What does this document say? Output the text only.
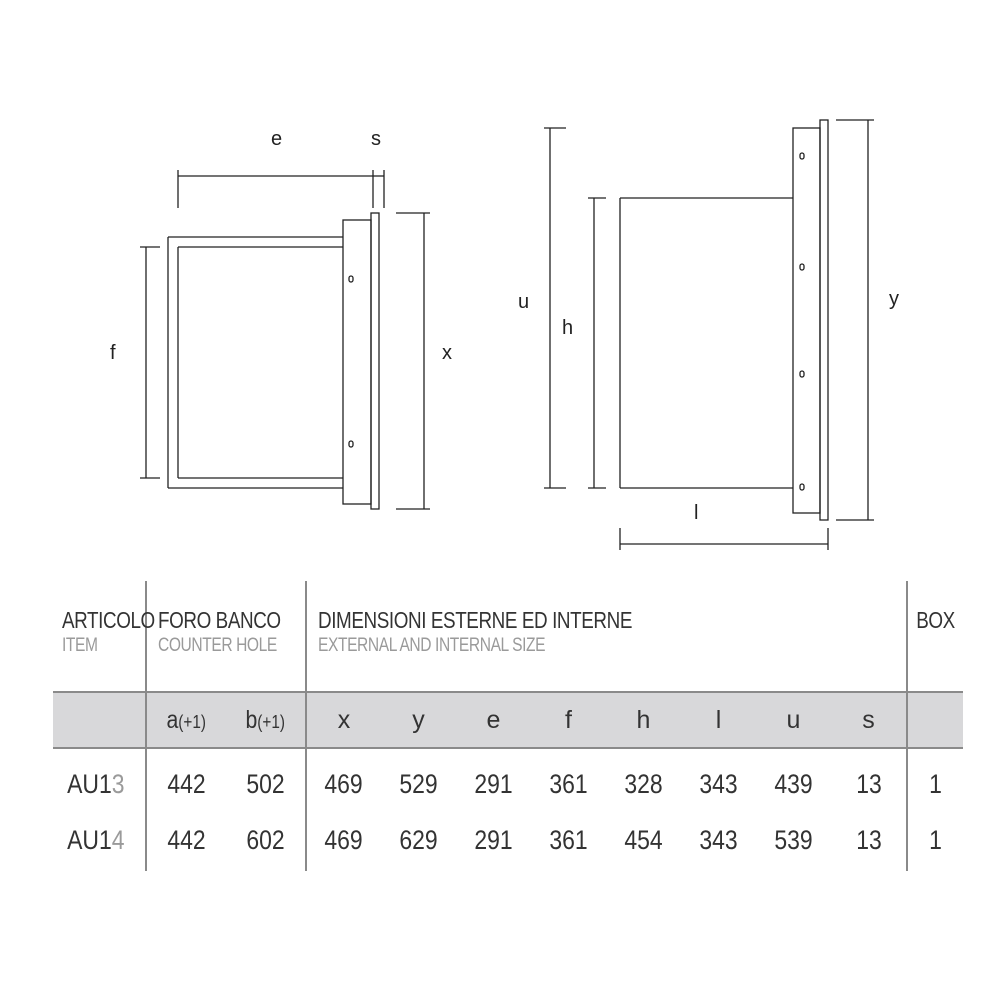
e	s
f	x
u
h
y
l
ARTICOLO
ITEM	FORO BANCO
COUNTER HOLE		DIMENSIONI ESTERNE ED INTERNE
EXTERNAL AND INTERNAL SIZE								BOX

	a(+1)	b(+1)	x	y	e	f	h	l	u	s	
AU13	442	502	469	529	291	361	328	343	439	13	1
AU14	442	602	469	629	291	361	454	343	539	13	1
